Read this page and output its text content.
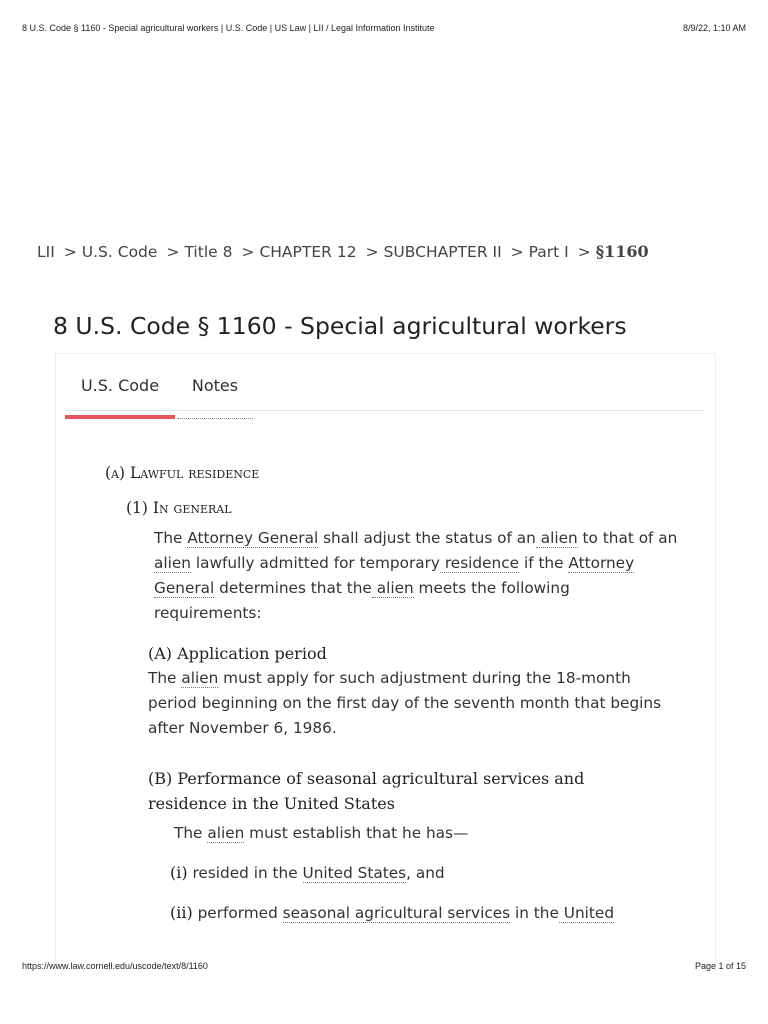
8 U.S. Code § 1160 - Special agricultural workers | U.S. Code | US Law | LII / Legal Information Institute	8/9/22, 1:10 AM
LII > U.S. Code > Title 8 > CHAPTER 12 > SUBCHAPTER II > Part I > §1160
8 U.S. Code § 1160 - Special agricultural workers
U.S. Code	Notes
(a) Lawful residence
(1) In general
The Attorney General shall adjust the status of an alien to that of an alien lawfully admitted for temporary residence if the Attorney General determines that the alien meets the following requirements:
(A) Application period
The alien must apply for such adjustment during the 18-month period beginning on the first day of the seventh month that begins after November 6, 1986.
(B) Performance of seasonal agricultural services and residence in the United States
The alien must establish that he has—
(i) resided in the United States, and
(ii) performed seasonal agricultural services in the United
https://www.law.cornell.edu/uscode/text/8/1160	Page 1 of 15
